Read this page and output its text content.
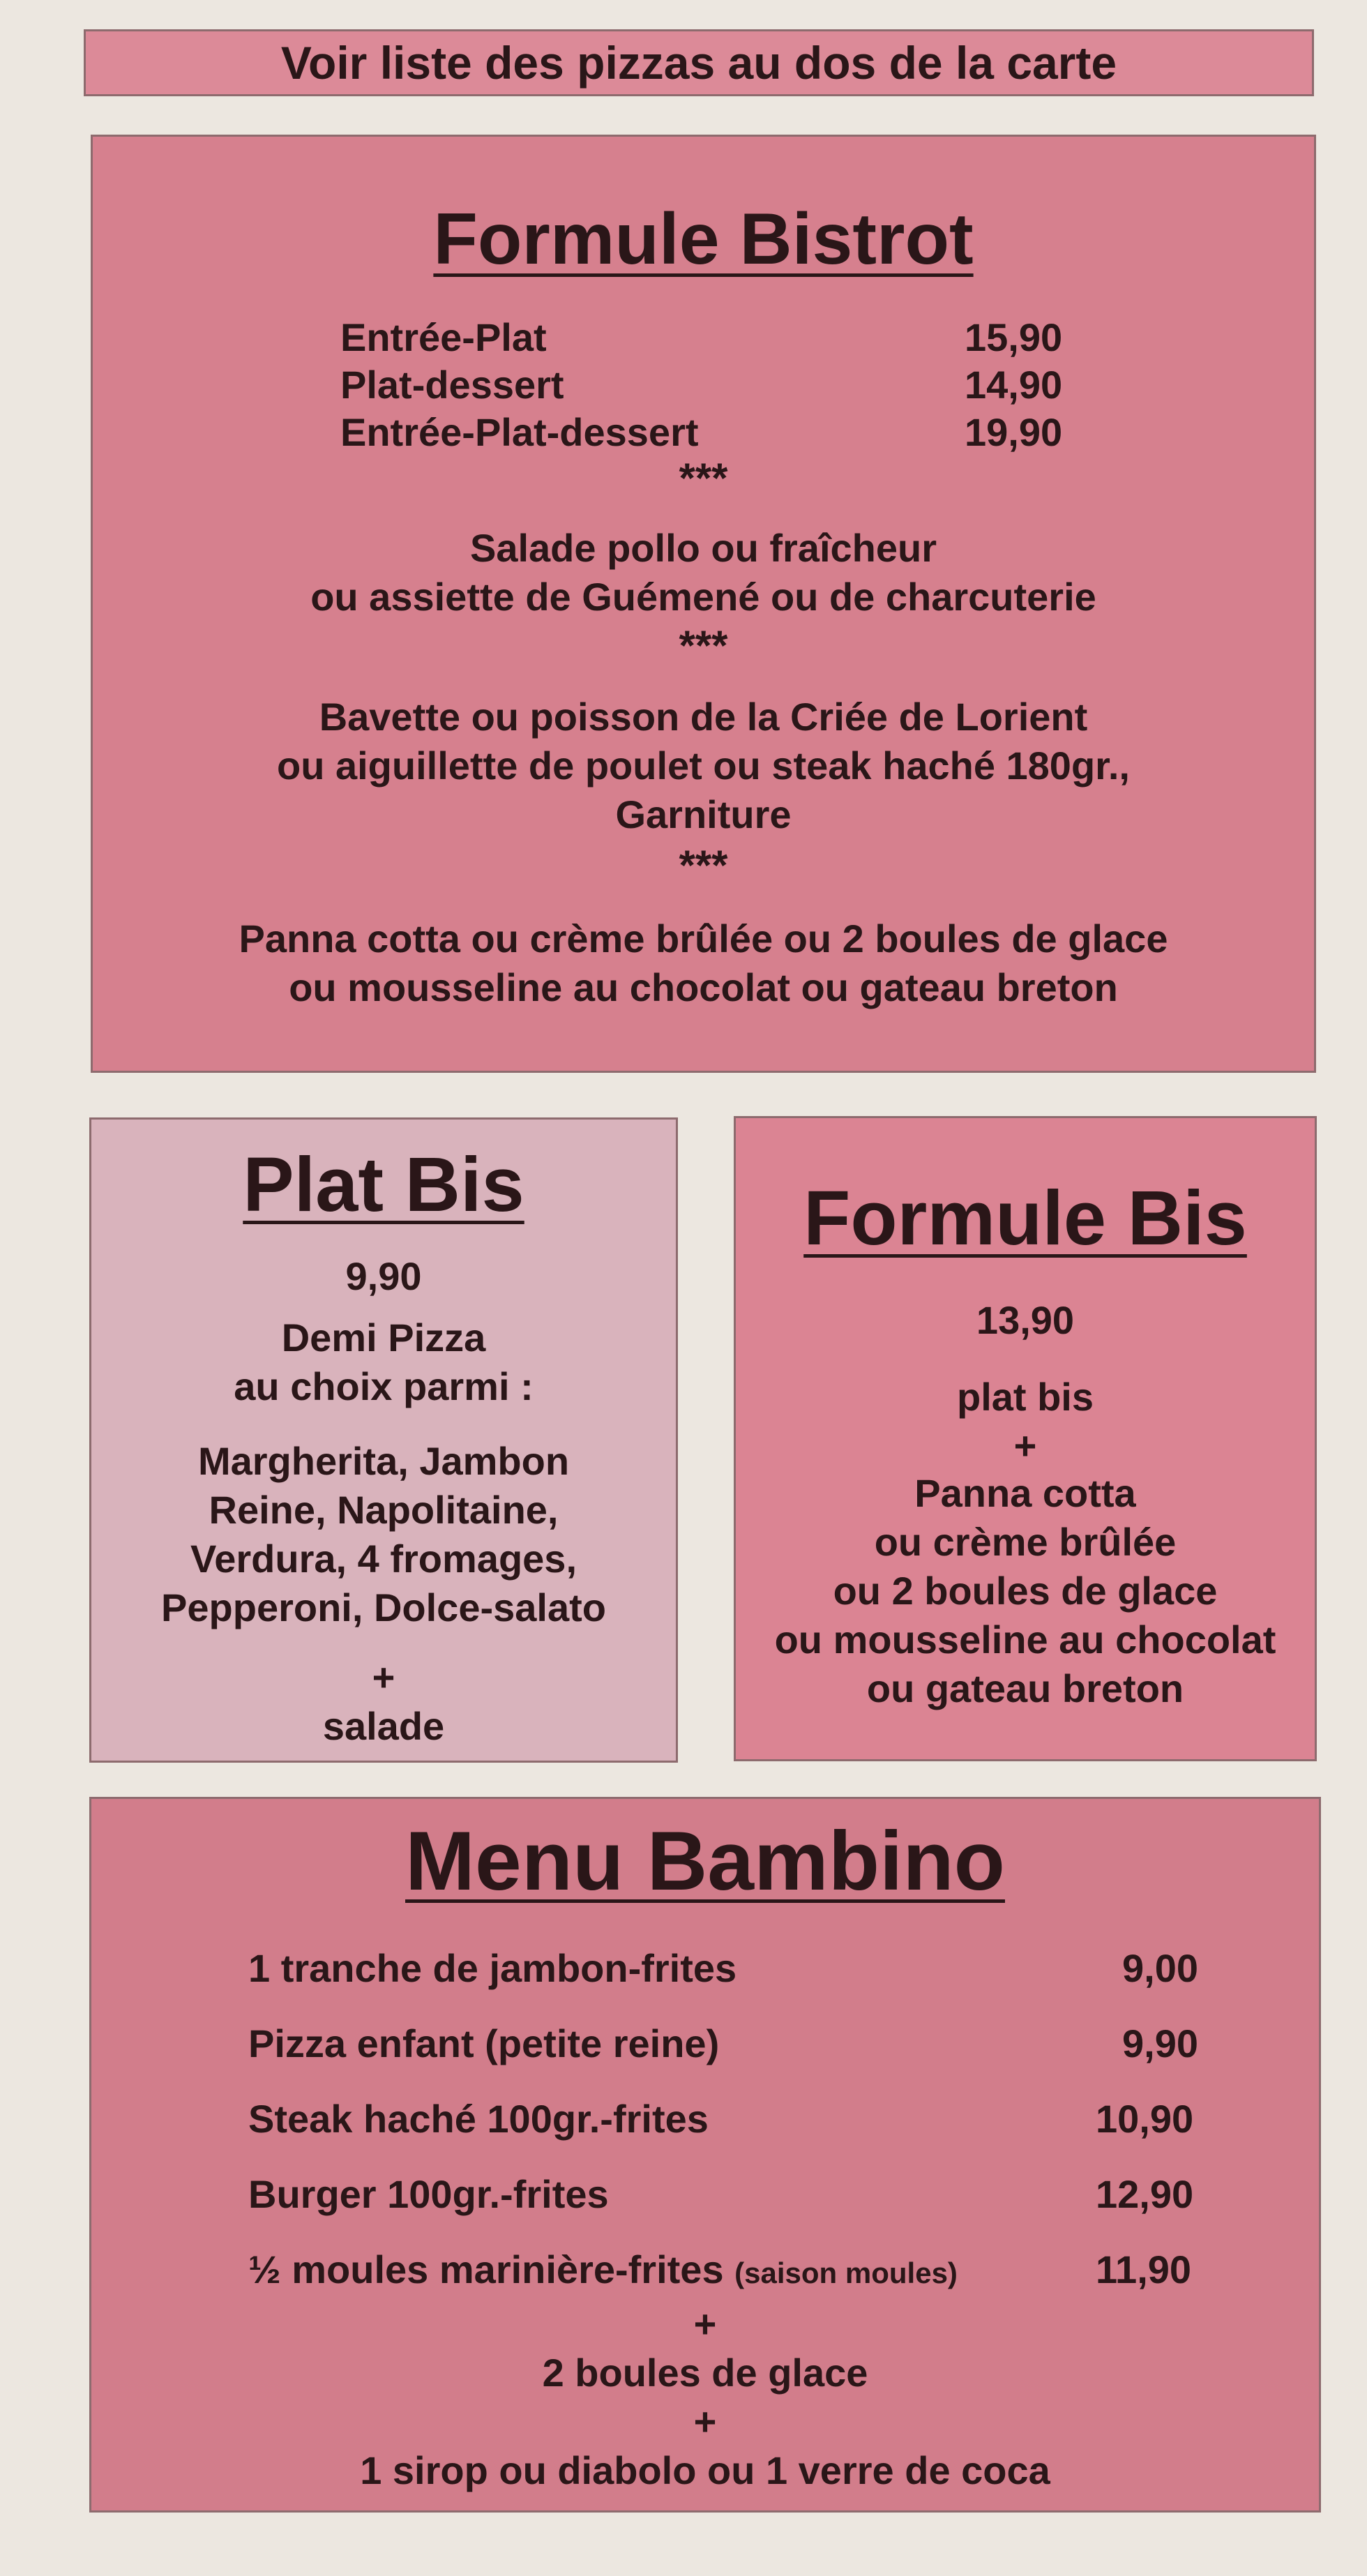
Voir liste des pizzas au dos de la carte
Formule Bistrot
Entrée-Plat	15,90
Plat-dessert	14,90
Entrée-Plat-dessert	19,90
***
Salade pollo ou fraîcheur
ou assiette de Guémené ou de charcuterie
***
Bavette ou poisson de la Criée de Lorient
ou aiguillette de poulet ou steak haché 180gr.,
Garniture
***
Panna cotta ou crème brûlée ou 2 boules de glace
ou mousseline au chocolat ou gateau breton
Plat Bis
9,90
Demi Pizza
au choix parmi :
Margherita, Jambon
Reine, Napolitaine,
Verdura, 4 fromages,
Pepperoni, Dolce-salato
+
salade
Formule Bis
13,90
plat bis
+
Panna cotta
ou crème brûlée
ou 2 boules de glace
ou mousseline au chocolat
ou gateau breton
Menu Bambino
1 tranche de jambon-frites	9,00
Pizza enfant (petite reine)	9,90
Steak haché 100gr.-frites	10,90
Burger 100gr.-frites	12,90
½ moules marinière-frites (saison moules)	11,90
+
2 boules de glace
+
1 sirop ou diabolo ou 1 verre de coca
